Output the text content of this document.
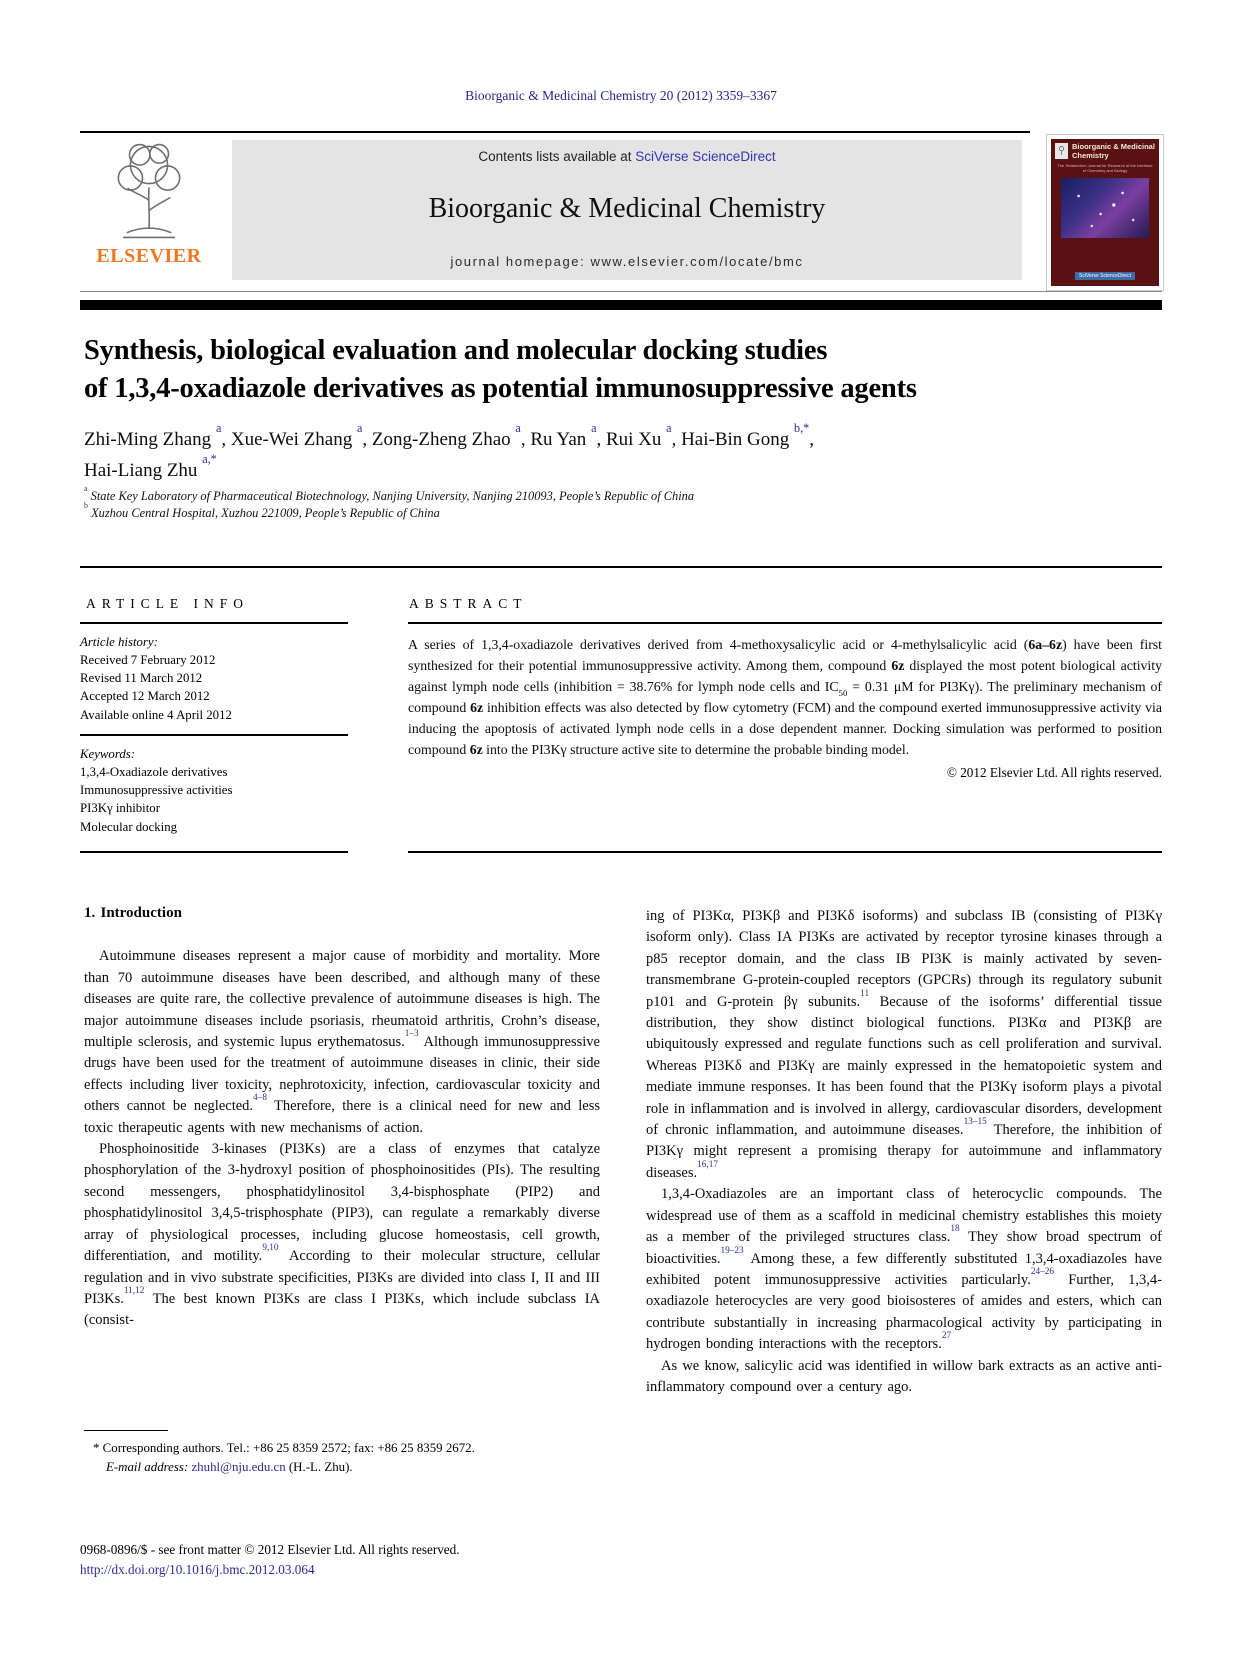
Bioorganic & Medicinal Chemistry 20 (2012) 3359–3367
ELSEVIER
Contents lists available at SciVerse ScienceDirect
Bioorganic & Medicinal Chemistry
journal homepage: www.elsevier.com/locate/bmc
Bioorganic & Medicinal Chemistry
The Tetrahedron Journal for Research at the Interface of Chemistry and Biology
SciVerse ScienceDirect
Synthesis, biological evaluation and molecular docking studies
of 1,3,4-oxadiazole derivatives as potential immunosuppressive agents
Zhi-Ming Zhang $^a$, Xue-Wei Zhang $^a$, Zong-Zheng Zhao $^a$, Ru Yan $^a$, Rui Xu $^a$, Hai-Bin Gong $^{b,*}$,
Hai-Liang Zhu $^{a,*}$
$^a$ State Key Laboratory of Pharmaceutical Biotechnology, Nanjing University, Nanjing 210093, People’s Republic of China
$^b$ Xuzhou Central Hospital, Xuzhou 221009, People’s Republic of China
ARTICLE INFO
Article history:
Received 7 February 2012
Revised 11 March 2012
Accepted 12 March 2012
Available online 4 April 2012
Keywords:
1,3,4-Oxadiazole derivatives
Immunosuppressive activities
PI3Kγ inhibitor
Molecular docking
ABSTRACT
A series of 1,3,4-oxadiazole derivatives derived from 4-methoxysalicylic acid or 4-methylsalicylic acid (6a–6z) have been first synthesized for their potential immunosuppressive activity. Among them, compound 6z displayed the most potent biological activity against lymph node cells (inhibition = 38.76% for lymph node cells and $IC_{50} = 0.31$ μM for PI3Kγ). The preliminary mechanism of compound 6z inhibition effects was also detected by flow cytometry (FCM) and the compound exerted immunosuppressive activity via inducing the apoptosis of activated lymph node cells in a dose dependent manner. Docking simulation was performed to position compound 6z into the PI3Kγ structure active site to determine the probable binding model.
© 2012 Elsevier Ltd. All rights reserved.
1. Introduction

Autoimmune diseases represent a major cause of morbidity and mortality. More than 70 autoimmune diseases have been described, and although many of these diseases are quite rare, the collective prevalence of autoimmune diseases is high. The major autoimmune diseases include psoriasis, rheumatoid arthritis, Crohn’s disease, multiple sclerosis, and systemic lupus erythematosus.$^{1-3}$ Although immunosuppressive drugs have been used for the treatment of autoimmune diseases in clinic, their side effects including liver toxicity, nephrotoxicity, infection, cardiovascular toxicity and others cannot be neglected.$^{4-8}$ Therefore, there is a clinical need for new and less toxic therapeutic agents with new mechanisms of action.

Phosphoinositide 3-kinases (PI3Ks) are a class of enzymes that catalyze phosphorylation of the 3-hydroxyl position of phosphoinositides (PIs). The resulting second messengers, phosphatidylinositol 3,4-bisphosphate (PIP2) and phosphatidylinositol 3,4,5-trisphosphate (PIP3), can regulate a remarkably diverse array of physiological processes, including glucose homeostasis, cell growth, differentiation, and motility.$^{9,10}$ According to their molecular structure, cellular regulation and in vivo substrate specificities, PI3Ks are divided into class I, II and III PI3Ks.$^{11,12}$ The best known PI3Ks are class I PI3Ks, which include subclass IA (consist-

ing of PI3Kα, PI3Kβ and PI3Kδ isoforms) and subclass IB (consisting of PI3Kγ isoform only). Class IA PI3Ks are activated by receptor tyrosine kinases through a p85 receptor domain, and the class IB PI3K is mainly activated by seven-transmembrane G-protein-coupled receptors (GPCRs) through its regulatory subunit p101 and G-protein βγ subunits.$^{11}$ Because of the isoforms’ differential tissue distribution, they show distinct biological functions. PI3Kα and PI3Kβ are ubiquitously expressed and regulate functions such as cell proliferation and survival. Whereas PI3Kδ and PI3Kγ are mainly expressed in the hematopoietic system and mediate immune responses. It has been found that the PI3Kγ isoform plays a pivotal role in inflammation and is involved in allergy, cardiovascular disorders, development of chronic inflammation, and autoimmune diseases.$^{13-15}$ Therefore, the inhibition of PI3Kγ might represent a promising therapy for autoimmune and inflammatory diseases.$^{16,17}$

1,3,4-Oxadiazoles are an important class of heterocyclic compounds. The widespread use of them as a scaffold in medicinal chemistry establishes this moiety as a member of the privileged structures class.$^{18}$ They show broad spectrum of bioactivities.$^{19-23}$ Among these, a few differently substituted 1,3,4-oxadiazoles have exhibited potent immunosuppressive activities particularly.$^{24-26}$ Further, 1,3,4-oxadiazole heterocycles are very good bioisosteres of amides and esters, which can contribute substantially in increasing pharmacological activity by participating in hydrogen bonding interactions with the receptors.$^{27}$

As we know, salicylic acid was identified in willow bark extracts as an active anti-inflammatory compound over a century ago.

* Corresponding authors. Tel.: +86 25 8359 2572; fax: +86 25 8359 2672.
E-mail address: zhuhl@nju.edu.cn (H.-L. Zhu).
0968-0896/$ - see front matter © 2012 Elsevier Ltd. All rights reserved.
http://dx.doi.org/10.1016/j.bmc.2012.03.064
